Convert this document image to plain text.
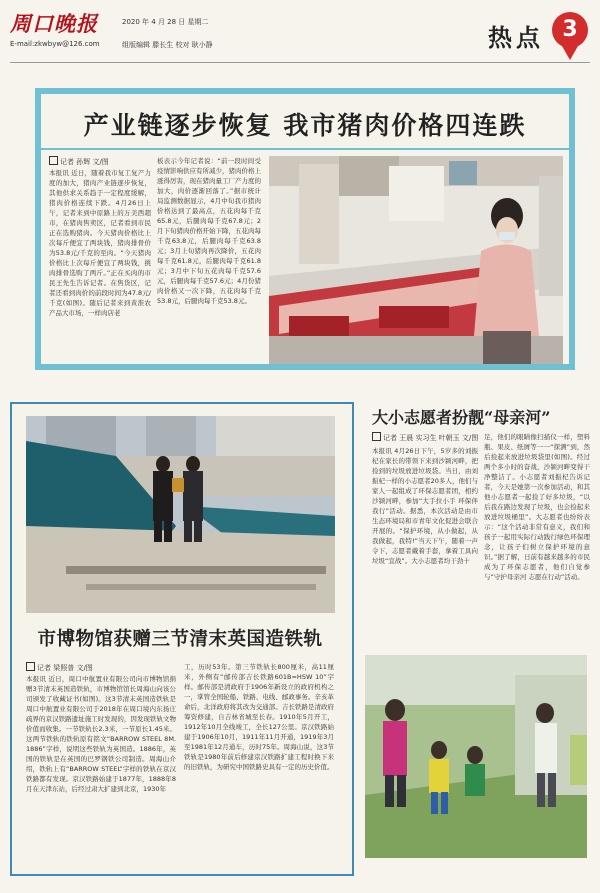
周口晚报
E-mail:zkwbyw@126.com
2020 年 4 月 28 日 星期二
组版编辑 滕长生 校对 耿小静	热点 3
产业链逐步恢复 我市猪肉价格四连跌
记者 孙辉 文/图
本报讯 近日，随着我市复工复产力度的加大，猪肉产业链逐步恢复，其他供求关系趋于一定程度缓解，猪肉价格连续下跌。4月26日上午，记者来到中原路上的万美西超市，在猪肉售卖区，记者看到市民正在选购猪肉。今天猪肉价格比上次每斤便宜了两块钱，猪肉排骨价为53.8元/千克的至肉。“今天猪肉价格比上次每斤便宜了两块钱，挑肉排骨选购了两斤。”正在买肉的市民王先生告诉记者。在售货区，记者还看到肉价的前段时间为47.8元/千克(如图)。随后记者来到黄淮农产品大市场，一样肉店老
板表示今年记者说：“前一段时间受疫情影响供应有所减少，猪肉价格上涨得厉害，现在猪肉量工厂产力度的加大，肉价逐渐回落了。”据市统计局监测数据显示，4月中旬我市猪肉价格达到了最高点，五花肉每千克65.8元，后腿肉每千克67.8元；2月下旬猪肉价格开始下降，五花肉每千克63.8元，后腿肉每千克63.8元；3月上旬猪肉再次降价，五花肉每千克61.8元，后腿肉每千克61.8元；3月中下旬五花肉每千克57.6元，后腿肉每千克57.6元；4月份猪肉价格又一次下降，五花肉每千克53.8元，后腿肉每千克53.8元。
市博物馆获赠三节清末英国造铁轨
记者 梁照普 文/图
本报讯 近日，周口中航置业有限公司向市博物馆捐赠3节清末英国造铁轨，市博物馆馆长周海山向该公司颁发了收藏证书(如图)。这3节清末英国造铁轨是周口中航置业有限公司于2018年在周口境内东扬庄疏界的京汉铁路遗址施工时发现的，因发现铁轨文物价值而收集。一节铁轨长2.3米，一节原长1.45米。这两节铁轨的铁轨原有铭文“BARROW STEEL 8M. 1886”字样，说明这些铁轨为英国造。1886年，英国的铁轨是在英国的巴罗钢铁公司制造。周海山介绍，铁轨上有“BARROW STEEL”字样的铁轨在京汉铁路都有发现。京汉铁路始建于1877年，1888年8月在天津东站，后经过肃大扩建到北京，1930年
工，历时53年。第三节铁轨长800厘米，高11厘米，外侧有“邮传部吉长铁路601B=HSW 10”字样。邮传部是清政府于1906年新设立的政府机构之一，掌管全国轮船、铁路、电线、邮政事务。辛亥革命后，北洋政府将其改为交通部。吉长铁路是清政府筹资修建，自吉林省城至长春。1910年5月开工，1912年10月全线竣工，全长127公里。京汉铁路始建于1906年10月，1911年11月开通，1919年3月至1981年12月通车，历时75年。周海山说，这3节铁轨是1980年前后修建京汉铁路扩建工程时换下来的旧铁轨，为研究中国铁路史具有一定的历史价值。
大小志愿者扮靓“母亲河”
记者 王晨 实习生 叶朝玉 文/图
本报讯 4月26日下午，5岁多的刘振杞在家长的带领下来到沙颍河畔，把捡到的垃圾放进垃圾袋。当日，由刘振杞一样的小志愿者20多人，他们与家人一起组成了环保志愿者团，相约沙颍河畔，参加“大手拉小手 环保伴我行”活动。据悉，本次活动是由市生态环境局和市青年文化促进会联合开展的。“保护环境，从小做起，从我做起，我特!”当天下午，随着一声令下，志愿者戴着手套，拿着工具向垃圾“宣战”。大小志愿者均干劲十
足，他们的眼睛像扫描仪一样，塑料瓶、果皮、纸屑等一一“探测”到，然后捡起来放进垃圾袋里(如图)。经过两个多小时的奋战，沙颍河畔变得干净整洁了。小志愿者刘振杞告诉记者，今天是她第一次参加活动，和其他小志愿者一起捡了好多垃圾，“以后我在路边发现了垃圾，也会捡起来放进垃圾桶里”。大志愿者也纷纷表示：“这个活动非常有意义，我们和孩子一起用实际行动践行绿色环保理念，让孩子们树立保护环境的意识。”据了解，日前有越来越多的市民成为了环保志愿者，他们自觉参与“守护母亲河 志愿在行动”活动。
